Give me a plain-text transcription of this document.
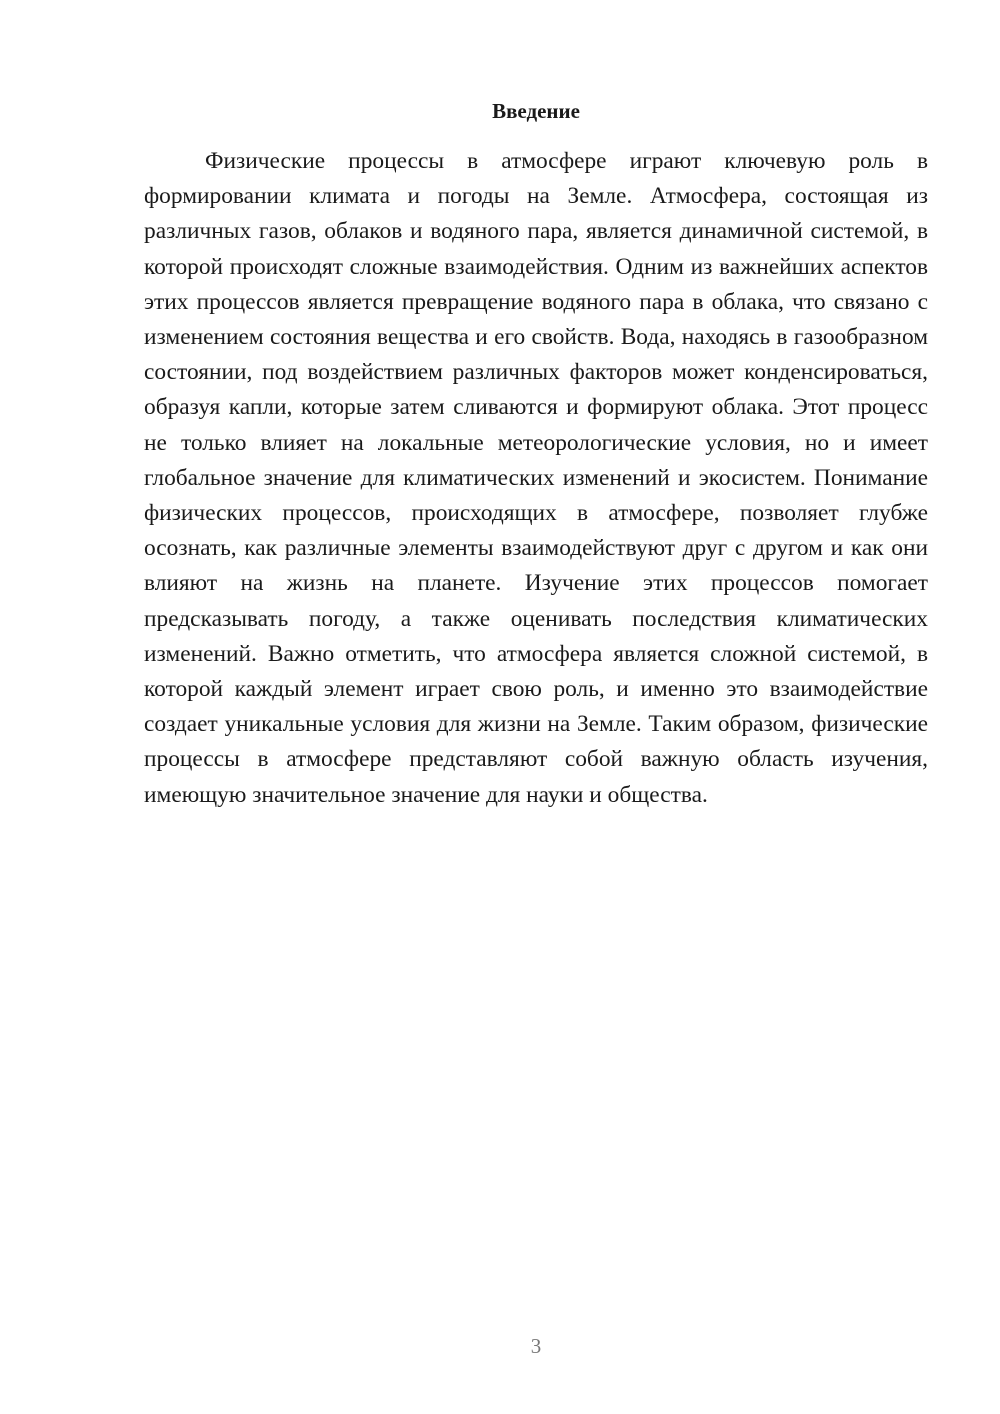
Введение

Физические процессы в атмосфере играют ключевую роль в формировании климата и погоды на Земле. Атмосфера, состоящая из различных газов, облаков и водяного пара, является динамичной системой, в которой происходят сложные взаимодействия. Одним из важнейших аспектов этих процессов является превращение водяного пара в облака, что связано с изменением состояния вещества и его свойств. Вода, находясь в газообразном состоянии, под воздействием различных факторов может конденсироваться, образуя капли, которые затем сливаются и формируют облака. Этот процесс не только влияет на локальные метеорологические условия, но и имеет глобальное значение для климатических изменений и экосистем. Понимание физических процессов, происходящих в атмосфере, позволяет глубже осознать, как различные элементы взаимодействуют друг с другом и как они влияют на жизнь на планете. Изучение этих процессов помогает предсказывать погоду, а также оценивать последствия климатических изменений. Важно отметить, что атмосфера является сложной системой, в которой каждый элемент играет свою роль, и именно это взаимодействие создает уникальные условия для жизни на Земле. Таким образом, физические процессы в атмосфере представляют собой важную область изучения, имеющую значительное значение для науки и общества.

3
